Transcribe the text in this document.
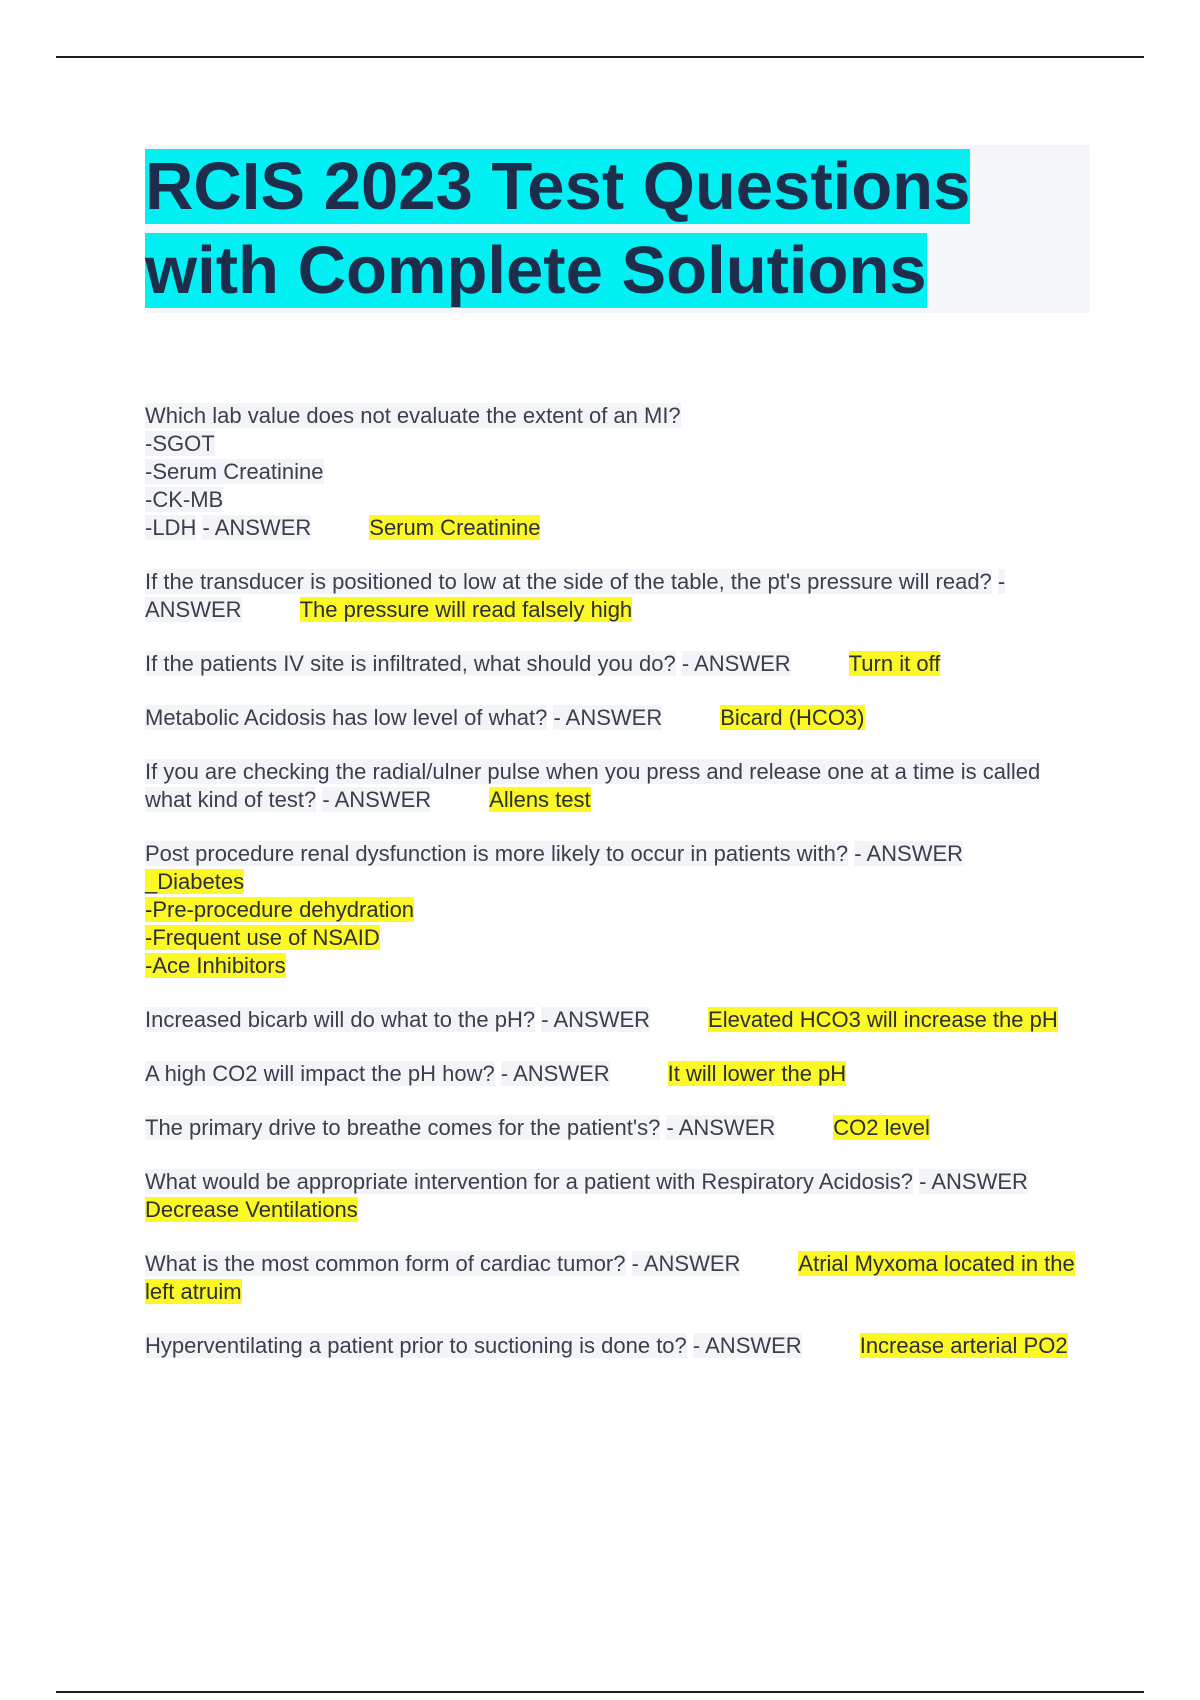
RCIS 2023 Test Questions
with Complete Solutions

Which lab value does not evaluate the extent of an MI?
-SGOT
-Serum Creatinine
-CK-MB
-LDH - ANSWER	Serum Creatinine

If the transducer is positioned to low at the side of the table, the pt's pressure will read? - ANSWER	The pressure will read falsely high

If the patients IV site is infiltrated, what should you do? - ANSWER	Turn it off

Metabolic Acidosis has low level of what? - ANSWER	Bicard (HCO3)

If you are checking the radial/ulner pulse when you press and release one at a time is called what kind of test? - ANSWER	Allens test

Post procedure renal dysfunction is more likely to occur in patients with? - ANSWER
_Diabetes
-Pre-procedure dehydration
-Frequent use of NSAID
-Ace Inhibitors

Increased bicarb will do what to the pH? - ANSWER	Elevated HCO3 will increase the pH

A high CO2 will impact the pH how? - ANSWER	It will lower the pH

The primary drive to breathe comes for the patient's? - ANSWER	CO2 level

What would be appropriate intervention for a patient with Respiratory Acidosis? - ANSWERDecrease Ventilations

What is the most common form of cardiac tumor? - ANSWER	Atrial Myxoma located in the left atruim

Hyperventilating a patient prior to suctioning is done to? - ANSWER	Increase arterial PO2
